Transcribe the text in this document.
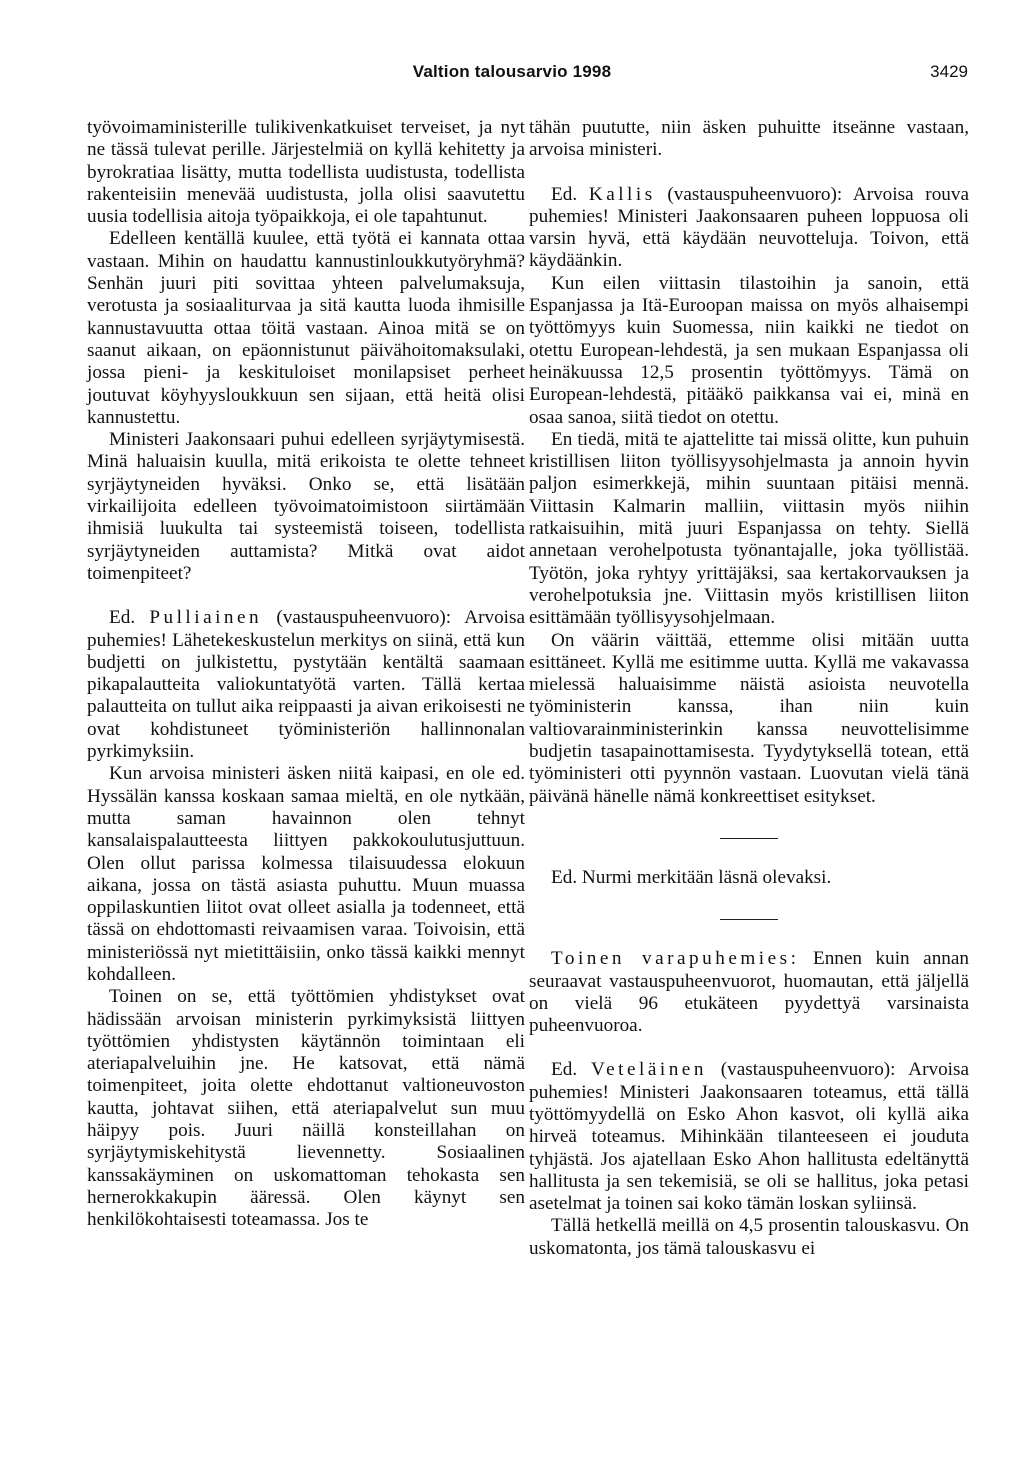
Valtion talousarvio 1998	3429

työvoimaministerille tulikivenkatkuiset terveiset, ja nyt ne tässä tulevat perille. Järjestelmiä on kyllä kehitetty ja byrokratiaa lisätty, mutta todellista uudistusta, todellista rakenteisiin menevää uudistusta, jolla olisi saavutettu uusia todellisia aitoja työpaikkoja, ei ole tapahtunut.

Edelleen kentällä kuulee, että työtä ei kannata ottaa vastaan. Mihin on haudattu kannustinloukkutyöryhmä? Senhän juuri piti sovittaa yhteen palvelumaksuja, verotusta ja sosiaaliturvaa ja sitä kautta luoda ihmisille kannustavuutta ottaa töitä vastaan. Ainoa mitä se on saanut aikaan, on epäonnistunut päivähoitomaksulaki, jossa pieni- ja keskituloiset monilapsiset perheet joutuvat köyhyysloukkuun sen sijaan, että heitä olisi kannustettu.

Ministeri Jaakonsaari puhui edelleen syrjäytymisestä. Minä haluaisin kuulla, mitä erikoista te olette tehneet syrjäytyneiden hyväksi. Onko se, että lisätään virkailijoita edelleen työvoimatoimistoon siirtämään ihmisiä luukulta tai systeemistä toiseen, todellista syrjäytyneiden auttamista? Mitkä ovat aidot toimenpiteet?

Ed. Pulliainen (vastauspuheenvuoro): Arvoisa puhemies! Lähetekeskustelun merkitys on siinä, että kun budjetti on julkistettu, pystytään kentältä saamaan pikapalautteita valiokuntatyötä varten. Tällä kertaa palautteita on tullut aika reippaasti ja aivan erikoisesti ne ovat kohdistuneet työministeriön hallinnonalan pyrkimyksiin.

Kun arvoisa ministeri äsken niitä kaipasi, en ole ed. Hyssälän kanssa koskaan samaa mieltä, en ole nytkään, mutta saman havainnon olen tehnyt kansalaispalautteesta liittyen pakkokoulutusjuttuun. Olen ollut parissa kolmessa tilaisuudessa elokuun aikana, jossa on tästä asiasta puhuttu. Muun muassa oppilaskuntien liitot ovat olleet asialla ja todenneet, että tässä on ehdottomasti reivaamisen varaa. Toivoisin, että ministeriössä nyt mietittäisiin, onko tässä kaikki mennyt kohdalleen.

Toinen on se, että työttömien yhdistykset ovat hädissään arvoisan ministerin pyrkimyksistä liittyen työttömien yhdistysten käytännön toimintaan eli ateriapalveluihin jne. He katsovat, että nämä toimenpiteet, joita olette ehdottanut valtioneuvoston kautta, johtavat siihen, että ateriapalvelut sun muu häipyy pois. Juuri näillä konsteillahan on syrjäytymiskehitystä lievennetty. Sosiaalinen kanssakäyminen on uskomattoman tehokasta sen hernerokkakupin ääressä. Olen käynyt sen henkilökohtaisesti toteamassa. Jos te

tähän puututte, niin äsken puhuitte itseänne vastaan, arvoisa ministeri.

Ed. Kallis (vastauspuheenvuoro): Arvoisa rouva puhemies! Ministeri Jaakonsaaren puheen loppuosa oli varsin hyvä, että käydään neuvotteluja. Toivon, että käydäänkin.

Kun eilen viittasin tilastoihin ja sanoin, että Espanjassa ja Itä-Euroopan maissa on myös alhaisempi työttömyys kuin Suomessa, niin kaikki ne tiedot on otettu European-lehdestä, ja sen mukaan Espanjassa oli heinäkuussa 12,5 prosentin työttömyys. Tämä on European-lehdestä, pitääkö paikkansa vai ei, minä en osaa sanoa, siitä tiedot on otettu.

En tiedä, mitä te ajattelitte tai missä olitte, kun puhuin kristillisen liiton työllisyysohjelmasta ja annoin hyvin paljon esimerkkejä, mihin suuntaan pitäisi mennä. Viittasin Kalmarin malliin, viittasin myös niihin ratkaisuihin, mitä juuri Espanjassa on tehty. Siellä annetaan verohelpotusta työnantajalle, joka työllistää. Työtön, joka ryhtyy yrittäjäksi, saa kertakorvauksen ja verohelpotuksia jne. Viittasin myös kristillisen liiton esittämään työllisyysohjelmaan.

On väärin väittää, ettemme olisi mitään uutta esittäneet. Kyllä me esitimme uutta. Kyllä me vakavassa mielessä haluaisimme näistä asioista neuvotella työministerin kanssa, ihan niin kuin valtiovarainministerinkin kanssa neuvottelisimme budjetin tasapainottamisesta. Tyydytyksellä totean, että työministeri otti pyynnön vastaan. Luovutan vielä tänä päivänä hänelle nämä konkreettiset esitykset.

Ed. Nurmi merkitään läsnä olevaksi.

Toinen varapuhemies: Ennen kuin annan seuraavat vastauspuheenvuorot, huomautan, että jäljellä on vielä 96 etukäteen pyydettyä varsinaista puheenvuoroa.

Ed. Veteläinen (vastauspuheenvuoro): Arvoisa puhemies! Ministeri Jaakonsaaren toteamus, että tällä työttömyydellä on Esko Ahon kasvot, oli kyllä aika hirveä toteamus. Mihinkään tilanteeseen ei jouduta tyhjästä. Jos ajatellaan Esko Ahon hallitusta edeltänyttä hallitusta ja sen tekemisiä, se oli se hallitus, joka petasi asetelmat ja toinen sai koko tämän loskan syliinsä.

Tällä hetkellä meillä on 4,5 prosentin talouskasvu. On uskomatonta, jos tämä talouskasvu ei
